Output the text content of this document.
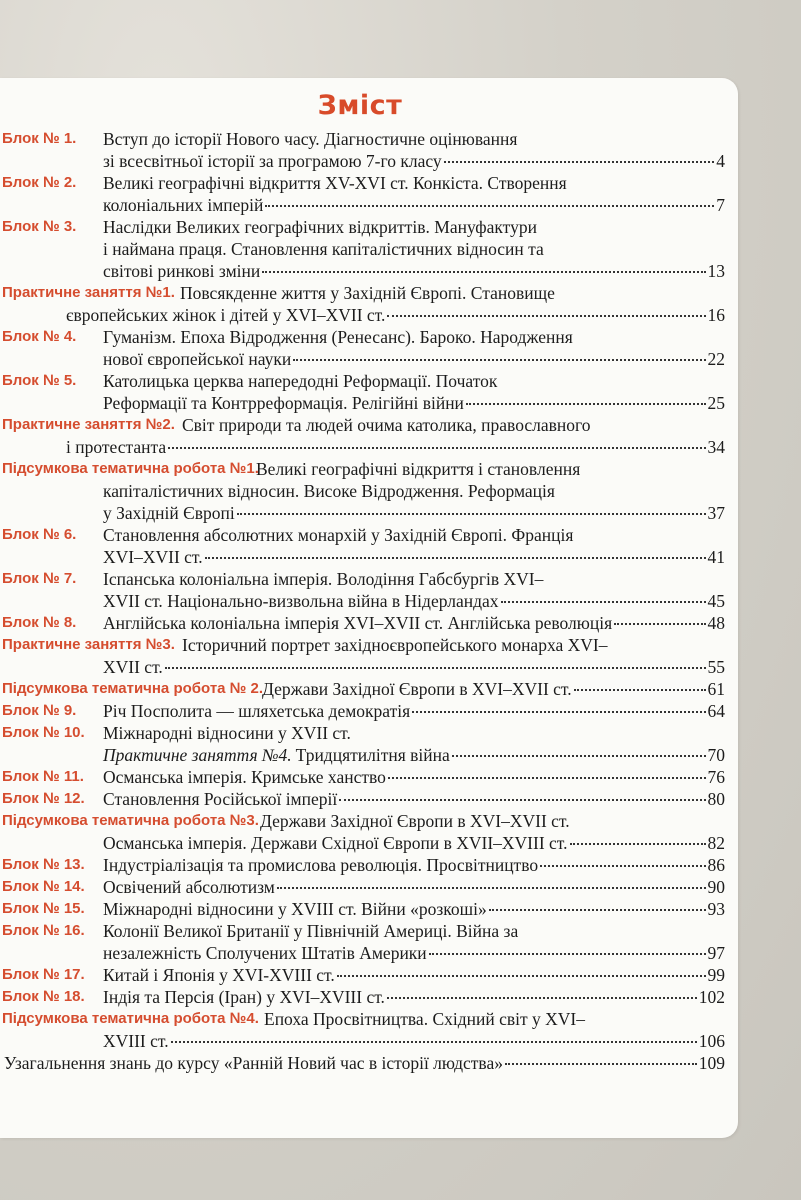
Зміст
Блок № 1.	Вступ до історії Нового часу. Діагностичне оцінювання
зі всесвітньої історії за програмою 7-го класу	4
Блок № 2.	Великі географічні відкриття XV-XVI ст. Конкіста. Створення
колоніальних імперій	7
Блок № 3.	Наслідки Великих географічних відкриттів. Мануфактури
і наймана праця. Становлення капіталістичних відносин та
світові ринкові зміни	13
Практичне заняття №1. Повсякденне життя у Західній Європі. Становище
європейських жінок і дітей у XVI–XVII ст.	16
Блок № 4.	Гуманізм. Епоха Відродження (Ренесанс). Бароко. Народження
нової європейської науки	22
Блок № 5.	Католицька церква напередодні Реформації. Початок
Реформації та Контрреформація. Релігійні війни	25
Практичне заняття №2. Світ природи та людей очима католика, православного
і протестанта	34
Підсумкова тематична робота №1.
Великі географічні відкриття і становлення
капіталістичних відносин. Високе Відродження. Реформація
у Західній Європі	37
Блок № 6.	Становлення абсолютних монархій у Західній Європі. Франція
XVI–XVII ст.	41
Блок № 7.	Іспанська колоніальна імперія. Володіння Габсбургів XVI–
XVII ст. Національно-визвольна війна в Нідерландах	45
Блок № 8. Англійська колоніальна імперія XVI–XVII ст. Англійська революція	48
Практичне заняття №3. Історичний портрет західноєвропейського монарха XVI–
XVII ст.	55
Підсумкова тематична робота № 2.
Держави Західної Європи в XVI–XVII ст.	61
Блок № 9. Річ Посполита — шляхетська демократія	64
Блок № 10.	Міжнародні відносини у XVII ст.
Практичне заняття №4. Тридцятилітня війна	70
Блок № 11. Османська імперія. Кримське ханство	76
Блок № 12. Становлення Російської імперії	80
Підсумкова тематична робота №3. Держави Західної Європи в XVI–XVII ст.
Османська імперія. Держави Східної Європи в XVII–XVIII ст.	82
Блок № 13. Індустріалізація та промислова революція. Просвітництво	86
Блок № 14. Освічений абсолютизм	90
Блок № 15. Міжнародні відносини у XVIII ст. Війни «розкоші»	93
Блок № 16.	Колонії Великої Британії у Північній Америці. Війна за
незалежність Сполучених Штатів Америки	97
Блок № 17. Китай і Японія у XVI-XVIII ст.	99
Блок № 18. Індія та Персія (Іран) у XVI–XVIII ст.	102
Підсумкова тематична робота №4. Епоха Просвітництва. Східний світ у XVI–
XVIII ст.	106
Узагальнення знань до курсу «Ранній Новий час в історії людства»	109
